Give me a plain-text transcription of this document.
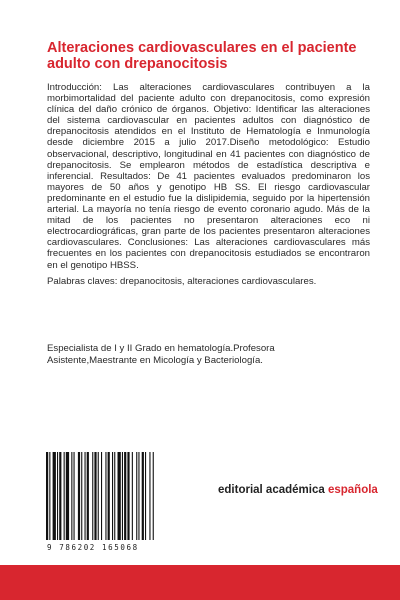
Alteraciones cardiovasculares en el paciente adulto con drepanocitosis

Introducción: Las alteraciones cardiovasculares contribuyen a la morbimortalidad del paciente adulto con drepanocitosis, como expresión clínica del daño crónico de órganos. Objetivo: Identificar las alteraciones del sistema cardiovascular en pacientes adultos con diagnóstico de drepanocitosis atendidos en el Instituto de Hematología e Inmunología desde diciembre 2015 a julio 2017.Diseño metodológico: Estudio observacional, descriptivo, longitudinal en 41 pacientes con diagnóstico de drepanocitosis. Se emplearon métodos de estadística descriptiva e inferencial. Resultados: De 41 pacientes evaluados predominaron los mayores de 50 años y genotipo HB SS. El riesgo cardiovascular predominante en el estudio fue la dislipidemia, seguido por la hipertensión arterial. La mayoría no tenía riesgo de evento coronario agudo. Más de la mitad de los pacientes no presentaron alteraciones eco ni electrocardiográficas, gran parte de los pacientes presentaron alteraciones cardiovasculares. Conclusiones: Las alteraciones cardiovasculares más frecuentes en los pacientes con drepanocitosis estudiados se encontraron en el genotipo HBSS.

Palabras claves: drepanocitosis, alteraciones cardiovasculares.

Especialista de I y II Grado en hematología.Profesora Asistente,Maestrante en Micología y Bacteriología.

9 786202 165068
editorial académica española
